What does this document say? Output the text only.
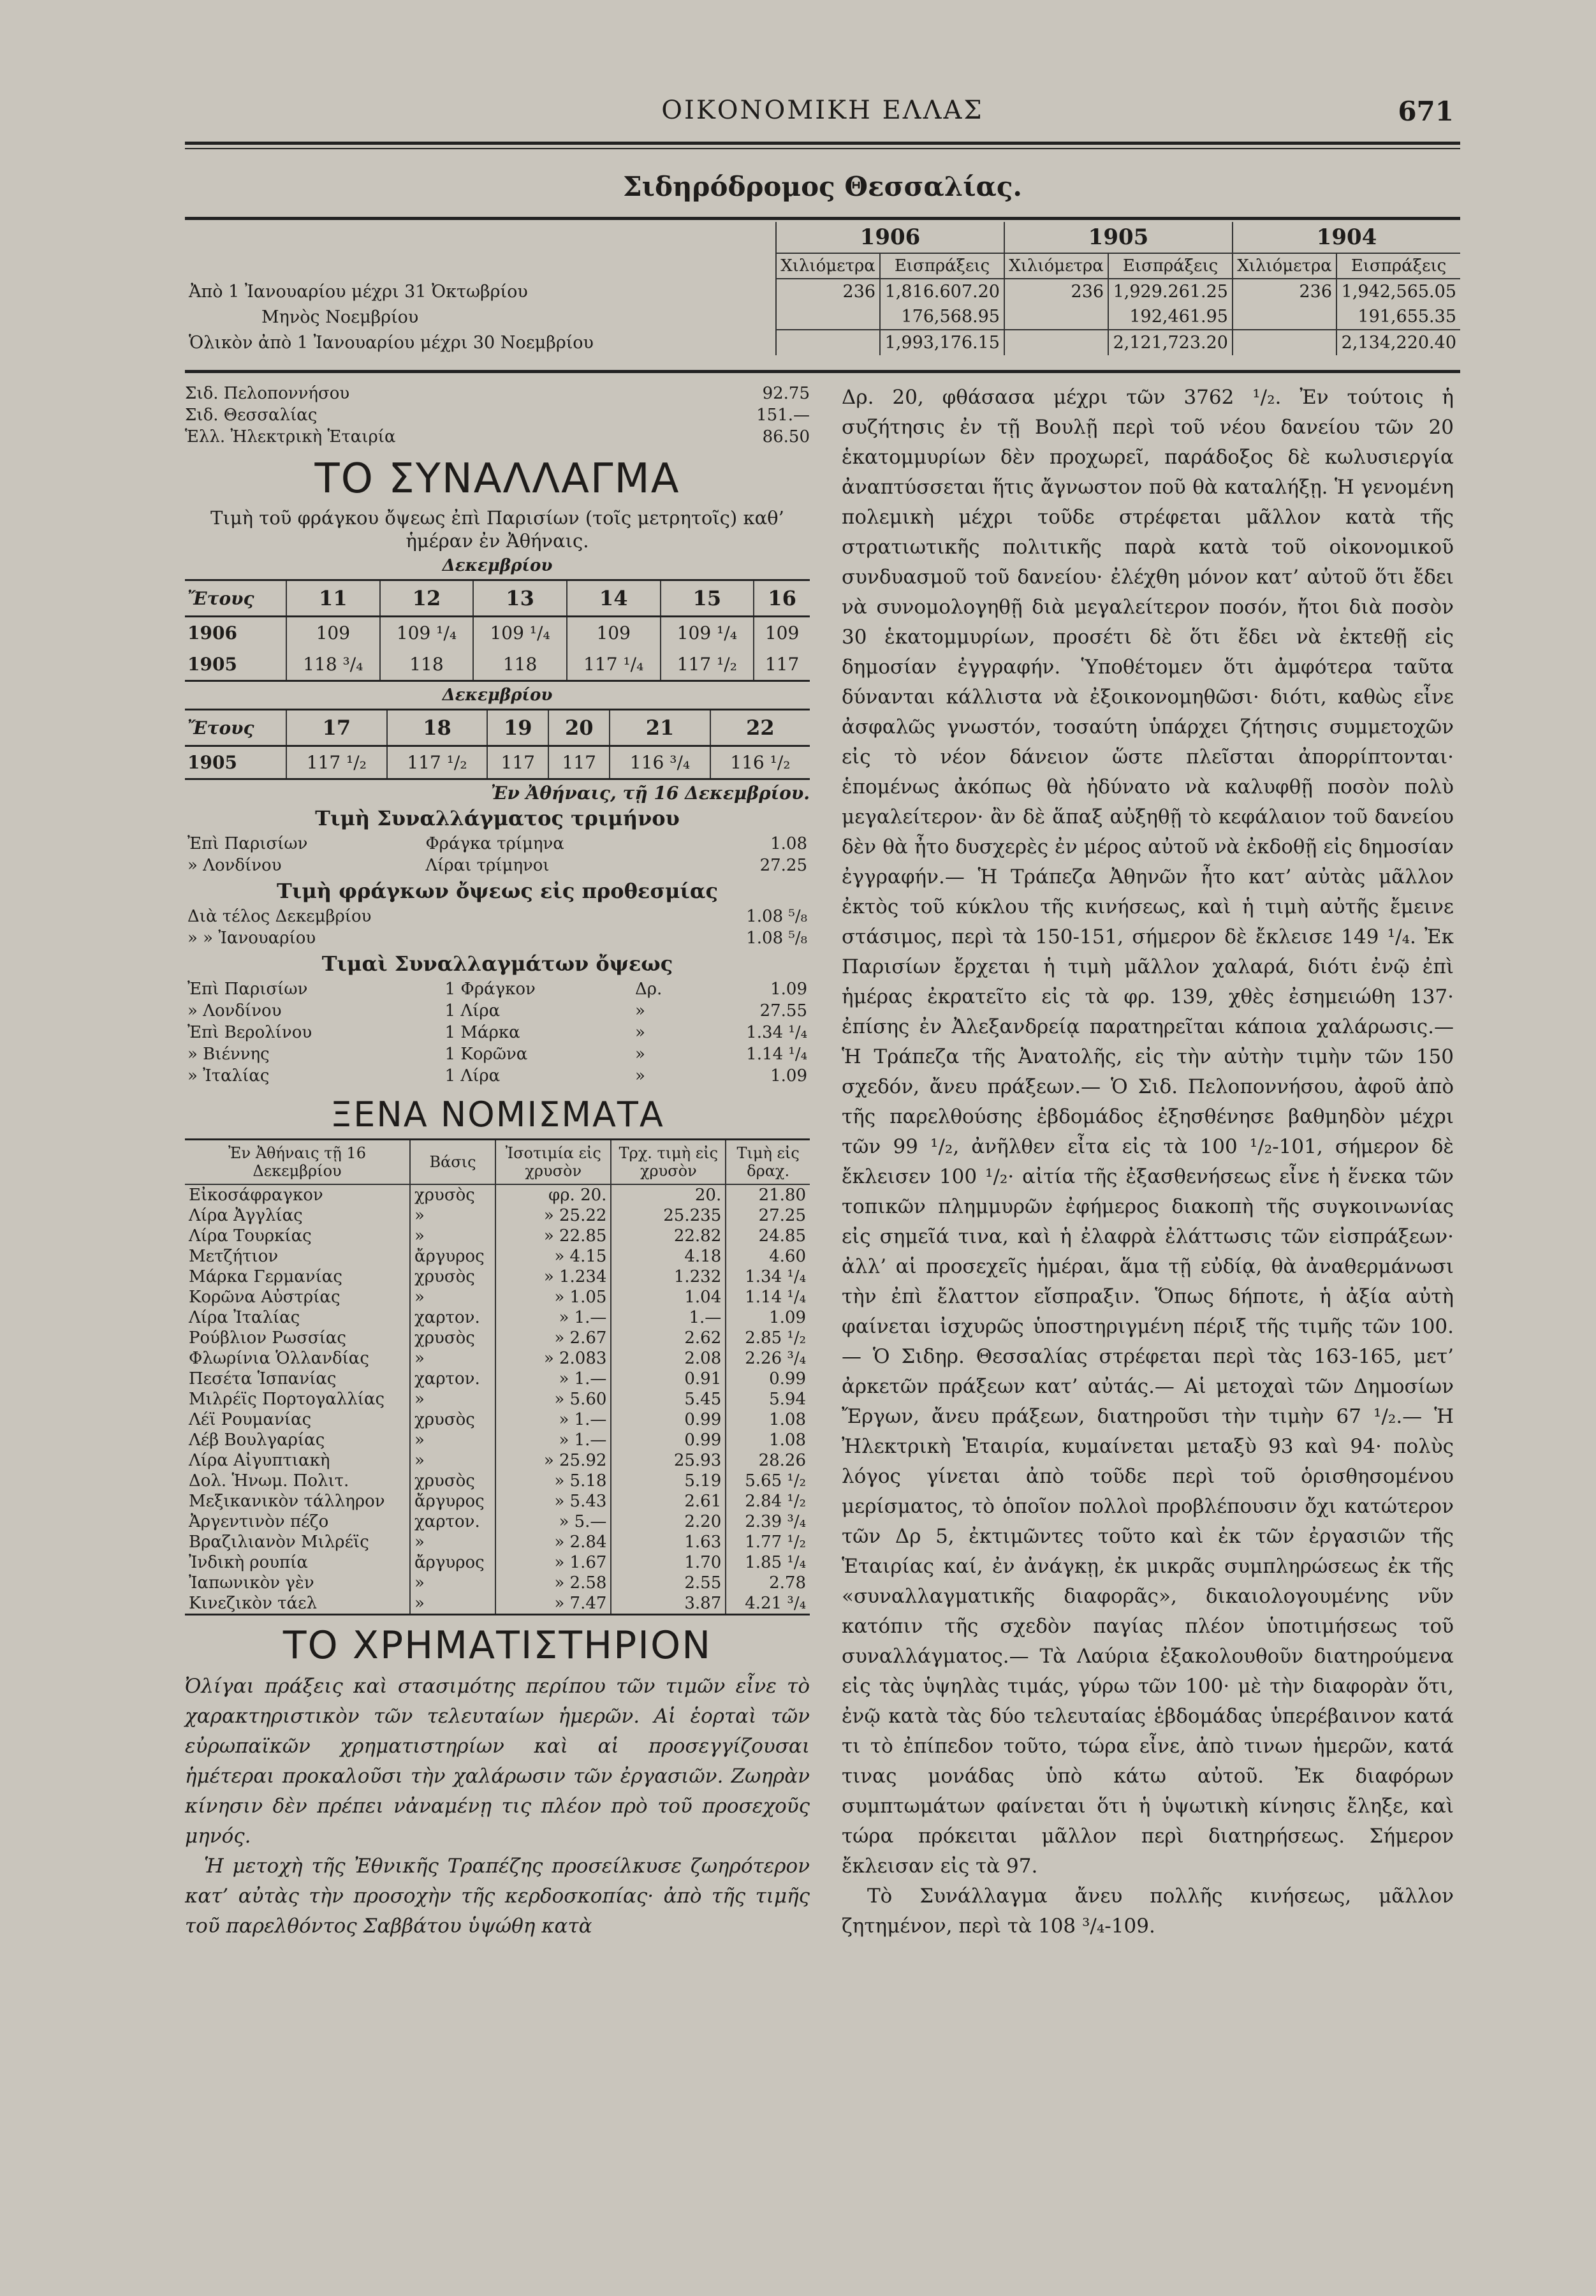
ΟΙΚΟΝΟΜΙΚΗ ΕΛΛΑΣ	671
Σιδηρόδρομος Θεσσαλίας.
	1906		1905		1904	
	Χιλιόμετρα	Εισπράξεις	Χιλιόμετρα	Εισπράξεις	Χιλιόμετρα	Εισπράξεις
Ἀπὸ 1 Ἰανουαρίου μέχρι 31 Ὀκτωβρίου	236	1,816.607.20	236	1,929.261.25	236	1,942,565.05
Μηνὸς Νοεμβρίου		176,568.95		192,461.95		191,655.35
Ὁλικὸν ἀπὸ 1 Ἰανουαρίου μέχρι 30 Νοεμβρίου		1,993,176.15		2,121,723.20		2,134,220.40
Σιδ. Πελοποννήσου	92.75
Σιδ. Θεσσαλίας	151.—
Ἑλλ. Ἠλεκτρικὴ Ἑταιρία	86.50
ΤΟ ΣΥΝΑΛΛΑΓΜΑ
Τιμὴ τοῦ φράγκου ὄψεως ἐπὶ Παρισίων (τοῖς μετρητοῖς) καθ’ ἡμέραν ἐν Ἀθήναις.
Δεκεμβρίου
Ἔτους	11	12	13	14	15	16
1906	109	109 ¹/₄	109 ¹/₄	109	109 ¹/₄	109
1905	118 ³/₄	118	118	117 ¹/₄	117 ¹/₂	117
Δεκεμβρίου
Ἔτους	17	18	19	20	21	22
1905	117 ¹/₂	117 ¹/₂	117	117	116 ³/₄	116 ¹/₂
Ἐν Ἀθήναις, τῇ 16 Δεκεμβρίου.
Τιμὴ Συναλλάγματος τριμήνου
Ἐπὶ Παρισίων	Φράγκα τρίμηνα	1.08
» Λονδίνου	Λίραι τρίμηνοι	27.25
Τιμὴ φράγκων ὄψεως εἰς προθεσμίας
Διὰ τέλος Δεκεμβρίου	1.08 ⁵/₈
» » Ἰανουαρίου	1.08 ⁵/₈
Τιμαὶ Συναλλαγμάτων ὄψεως
Ἐπὶ Παρισίων	1 Φράγκον	Δρ.	1.09
» Λονδίνου	1 Λίρα	»	27.55
Ἐπὶ Βερολίνου	1 Μάρκα	»	1.34 ¹/₄
» Βιέννης	1 Κορῶνα	»	1.14 ¹/₄
» Ἰταλίας	1 Λίρα	»	1.09
ΞΕΝΑ ΝΟΜΙΣΜΑΤΑ
Ἐν Ἀθήναις τῇ 16 Δεκεμβρίου	Βάσις	Ἰσοτιμία εἰς χρυσὸν	Τρχ. τιμὴ εἰς χρυσὸν	Τιμὴ εἰς δραχ.
Εἰκοσάφραγκον	χρυσὸς	φρ. 20.	20.	21.80
Λίρα Ἀγγλίας	»	» 25.22	25.235	27.25
Λίρα Τουρκίας	»	» 22.85	22.82	24.85
Μετζήτιον	ἄργυρος	» 4.15	4.18	4.60
Μάρκα Γερμανίας	χρυσὸς	» 1.234	1.232	1.34 ¹/₄
Κορῶνα Αὐστρίας	»	» 1.05	1.04	1.14 ¹/₄
Λίρα Ἰταλίας	χαρτον.	» 1.—	1.—	1.09
Ρούβλιον Ρωσσίας	χρυσὸς	» 2.67	2.62	2.85 ¹/₂
Φλωρίνια Ὁλλανδίας	»	» 2.083	2.08	2.26 ³/₄
Πεσέτα Ἱσπανίας	χαρτον.	» 1.—	0.91	0.99
Μιλρέϊς Πορτογαλλίας	»	» 5.60	5.45	5.94
Λέϊ Ρουμανίας	χρυσὸς	» 1.—	0.99	1.08
Λέβ Βουλγαρίας	»	» 1.—	0.99	1.08
Λίρα Αἰγυπτιακὴ	»	» 25.92	25.93	28.26
Δολ. Ἡνωμ. Πολιτ.	χρυσὸς	» 5.18	5.19	5.65 ¹/₂
Μεξικανικὸν τάλληρον	ἄργυρος	» 5.43	2.61	2.84 ¹/₂
Ἀργεντινὸν πέζο	χαρτον.	» 5.—	2.20	2.39 ³/₄
Βραζιλιανὸν Μιλρέϊς	»	» 2.84	1.63	1.77 ¹/₂
Ἰνδικὴ ρουπία	ἄργυρος	» 1.67	1.70	1.85 ¹/₄
Ἰαπωνικὸν γὲν	»	» 2.58	2.55	2.78
Κινεζικὸν τάελ	»	» 7.47	3.87	4.21 ³/₄
ΤΟ ΧΡΗΜΑΤΙΣΤΗΡΙΟΝ

Ὀλίγαι πράξεις καὶ στασιμότης περίπου τῶν τιμῶν εἶνε τὸ χαρακτηριστικὸν τῶν τελευταίων ἡμερῶν. Αἱ ἑορταὶ τῶν εὐρωπαϊκῶν χρηματιστηρίων καὶ αἱ προσεγγίζουσαι ἡμέτεραι προκαλοῦσι τὴν χαλάρωσιν τῶν ἐργασιῶν. Ζωηρὰν κίνησιν δὲν πρέπει νἀναμένῃ τις πλέον πρὸ τοῦ προσεχοῦς μηνός.

Ἡ μετοχὴ τῆς Ἐθνικῆς Τραπέζης προσείλκυσε ζωηρότερον κατ’ αὐτὰς τὴν προσοχὴν τῆς κερδοσκοπίας· ἀπὸ τῆς τιμῆς τοῦ παρελθόντος Σαββάτου ὑψώθη κατὰ

Δρ. 20, φθάσασα μέχρι τῶν 3762 ¹/₂. Ἐν τούτοις ἡ συζήτησις ἐν τῇ Βουλῇ περὶ τοῦ νέου δανείου τῶν 20 ἑκατομμυρίων δὲν προχωρεῖ, παράδοξος δὲ κωλυσιεργία ἀναπτύσσεται ἥτις ἄγνωστον ποῦ θὰ καταλήξῃ. Ἡ γενομένη πολεμικὴ μέχρι τοῦδε στρέφεται μᾶλλον κατὰ τῆς στρατιωτικῆς πολιτικῆς παρὰ κατὰ τοῦ οἰκονομικοῦ συνδυασμοῦ τοῦ δανείου· ἐλέχθη μόνον κατ’ αὐτοῦ ὅτι ἔδει νὰ συνομολογηθῇ διὰ μεγαλείτερον ποσόν, ἤτοι διὰ ποσὸν 30 ἑκατομμυρίων, προσέτι δὲ ὅτι ἔδει νὰ ἐκτεθῇ εἰς δημοσίαν ἐγγραφήν. Ὑποθέτομεν ὅτι ἀμφότερα ταῦτα δύνανται κάλλιστα νὰ ἐξοικονομηθῶσι· διότι, καθὼς εἶνε ἀσφαλῶς γνωστόν, τοσαύτη ὑπάρχει ζήτησις συμμετοχῶν εἰς τὸ νέον δάνειον ὥστε πλεῖσται ἀπορρίπτονται· ἑπομένως ἀκόπως θὰ ἠδύνατο νὰ καλυφθῇ ποσὸν πολὺ μεγαλείτερον· ἂν δὲ ἅπαξ αὐξηθῇ τὸ κεφάλαιον τοῦ δανείου δὲν θὰ ἦτο δυσχερὲς ἐν μέρος αὐτοῦ νὰ ἐκδοθῇ εἰς δημοσίαν ἐγγραφήν.— Ἡ Τράπεζα Ἀθηνῶν ἦτο κατ’ αὐτὰς μᾶλλον ἐκτὸς τοῦ κύκλου τῆς κινήσεως, καὶ ἡ τιμὴ αὐτῆς ἔμεινε στάσιμος, περὶ τὰ 150-151, σήμερον δὲ ἔκλεισε 149 ¹/₄. Ἐκ Παρισίων ἔρχεται ἡ τιμὴ μᾶλλον χαλαρά, διότι ἐνῷ ἐπὶ ἡμέρας ἐκρατεῖτο εἰς τὰ φρ. 139, χθὲς ἐσημειώθη 137· ἐπίσης ἐν Ἀλεξανδρείᾳ παρατηρεῖται κάποια χαλάρωσις.— Ἡ Τράπεζα τῆς Ἀνατολῆς, εἰς τὴν αὐτὴν τιμὴν τῶν 150 σχεδόν, ἄνευ πράξεων.— Ὁ Σιδ. Πελοποννήσου, ἀφοῦ ἀπὸ τῆς παρελθούσης ἑβδομάδος ἐξησθένησε βαθμηδὸν μέχρι τῶν 99 ¹/₂, ἀνῆλθεν εἶτα εἰς τὰ 100 ¹/₂-101, σήμερον δὲ ἔκλεισεν 100 ¹/₂· αἰτία τῆς ἐξασθενήσεως εἶνε ἡ ἕνεκα τῶν τοπικῶν πλημμυρῶν ἐφήμερος διακοπὴ τῆς συγκοινωνίας εἰς σημεῖά τινα, καὶ ἡ ἐλαφρὰ ἐλάττωσις τῶν εἰσπράξεων· ἀλλ’ αἱ προσεχεῖς ἡμέραι, ἅμα τῇ εὐδίᾳ, θὰ ἀναθερμάνωσι τὴν ἐπὶ ἔλαττον εἴσπραξιν. Ὅπως δήποτε, ἡ ἀξία αὐτὴ φαίνεται ἰσχυρῶς ὑποστηριγμένη πέριξ τῆς τιμῆς τῶν 100.— Ὁ Σιδηρ. Θεσσαλίας στρέφεται περὶ τὰς 163-165, μετ’ ἀρκετῶν πράξεων κατ’ αὐτάς.— Αἱ μετοχαὶ τῶν Δημοσίων Ἔργων, ἄνευ πράξεων, διατηροῦσι τὴν τιμὴν 67 ¹/₂.— Ἡ Ἠλεκτρικὴ Ἑταιρία, κυμαίνεται μεταξὺ 93 καὶ 94· πολὺς λόγος γίνεται ἀπὸ τοῦδε περὶ τοῦ ὁρισθησομένου μερίσματος, τὸ ὁποῖον πολλοὶ προβλέπουσιν ὄχι κατώτερον τῶν Δρ 5, ἐκτιμῶντες τοῦτο καὶ ἐκ τῶν ἐργασιῶν τῆς Ἑταιρίας καί, ἐν ἀνάγκῃ, ἐκ μικρᾶς συμπληρώσεως ἐκ τῆς «συναλλαγματικῆς διαφορᾶς», δικαιολογουμένης νῦν κατόπιν τῆς σχεδὸν παγίας πλέον ὑποτιμήσεως τοῦ συναλλάγματος.— Τὰ Λαύρια ἐξακολουθοῦν διατηρούμενα εἰς τὰς ὑψηλὰς τιμάς, γύρω τῶν 100· μὲ τὴν διαφορὰν ὅτι, ἐνῷ κατὰ τὰς δύο τελευταίας ἑβδομάδας ὑπερέβαινον κατά τι τὸ ἐπίπεδον τοῦτο, τώρα εἶνε, ἀπὸ τινων ἡμερῶν, κατά τινας μονάδας ὑπὸ κάτω αὐτοῦ. Ἐκ διαφόρων συμπτωμάτων φαίνεται ὅτι ἡ ὑψωτικὴ κίνησις ἔληξε, καὶ τώρα πρόκειται μᾶλλον περὶ διατηρήσεως. Σήμερον ἔκλεισαν εἰς τὰ 97.

Τὸ Συνάλλαγμα ἄνευ πολλῆς κινήσεως, μᾶλλον ζητημένον, περὶ τὰ 108 ³/₄-109.
